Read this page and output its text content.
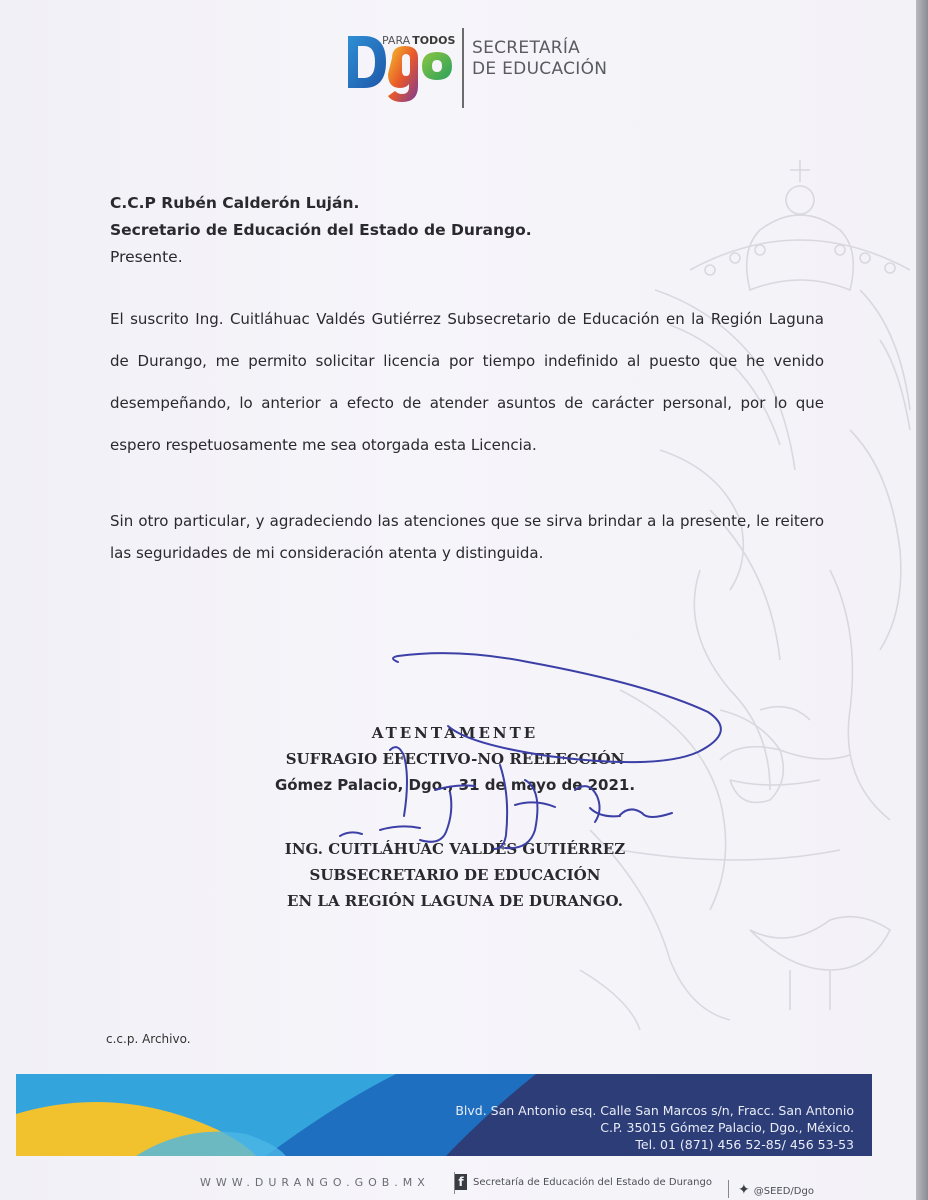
PARA TODOS SECRETARÍA
DE EDUCACIÓN
C.C.P Rubén Calderón Luján.
Secretario de Educación del Estado de Durango.
Presente.

El suscrito Ing. Cuitláhuac Valdés Gutiérrez Subsecretario de Educación en la Región Laguna de Durango, me permito solicitar licencia por tiempo indefinido al puesto que he venido desempeñando, lo anterior a efecto de atender asuntos de carácter personal, por lo que espero respetuosamente me sea otorgada esta Licencia.

Sin otro particular, y agradeciendo las atenciones que se sirva brindar a la presente, le reitero las seguridades de mi consideración atenta y distinguida.

ATENTAMENTE
SUFRAGIO EFECTIVO-NO REELECCIÓN
Gómez Palacio, Dgo., 31 de mayo de 2021.
ING. CUITLÁHUAC VALDÉS GUTIÉRREZ
SUBSECRETARIO DE EDUCACIÓN
EN LA REGIÓN LAGUNA DE DURANGO.
c.c.p. Archivo.
Blvd. San Antonio esq. Calle San Marcos s/n, Fracc. San Antonio
C.P. 35015 Gómez Palacio, Dgo., México.
Tel. 01 (871) 456 52-85/ 456 53-53
WWW.DURANGO.GOB.MX f Secretaría de Educación del Estado de Durango ✦ @SEED/Dgo
